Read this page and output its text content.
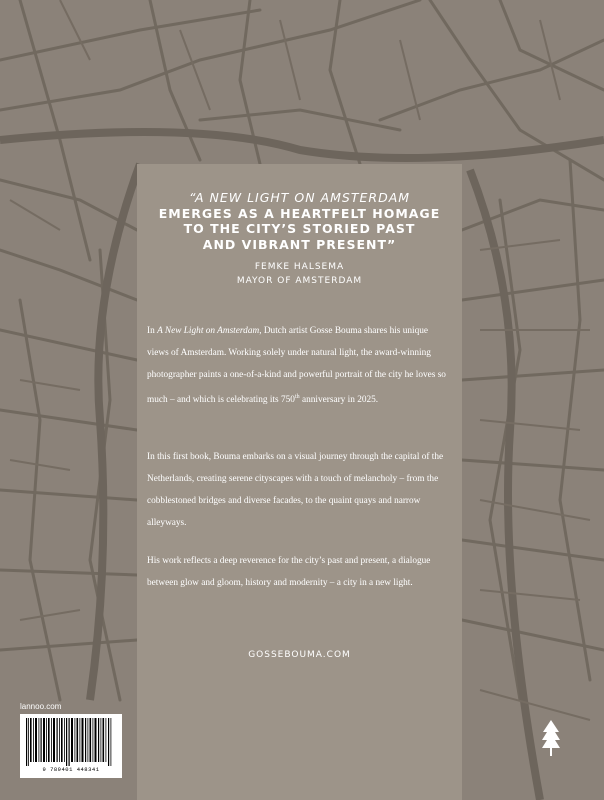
“A NEW LIGHT ON AMSTERDAM
EMERGES AS A HEARTFELT HOMAGE
TO THE CITY’S STORIED PAST
AND VIBRANT PRESENT”
FEMKE HALSEMA
MAYOR OF AMSTERDAM

In A New Light on Amsterdam, Dutch artist Gosse Bouma shares his unique views of Amsterdam. Working solely under natural light, the award-winning photographer paints a one-of-a-kind and powerful portrait of the city he loves so much – and which is celebrating its 750th anniversary in 2025.

In this first book, Bouma embarks on a visual journey through the capital of the Netherlands, creating serene cityscapes with a touch of melancholy – from the cobblestoned bridges and diverse facades, to the quaint quays and narrow alleyways.

His work reflects a deep reverence for the city’s past and present, a dialogue between glow and gloom, history and modernity – a city in a new light.

GOSSEBOUMA.COM
lannoo.com
9 789401 448341
